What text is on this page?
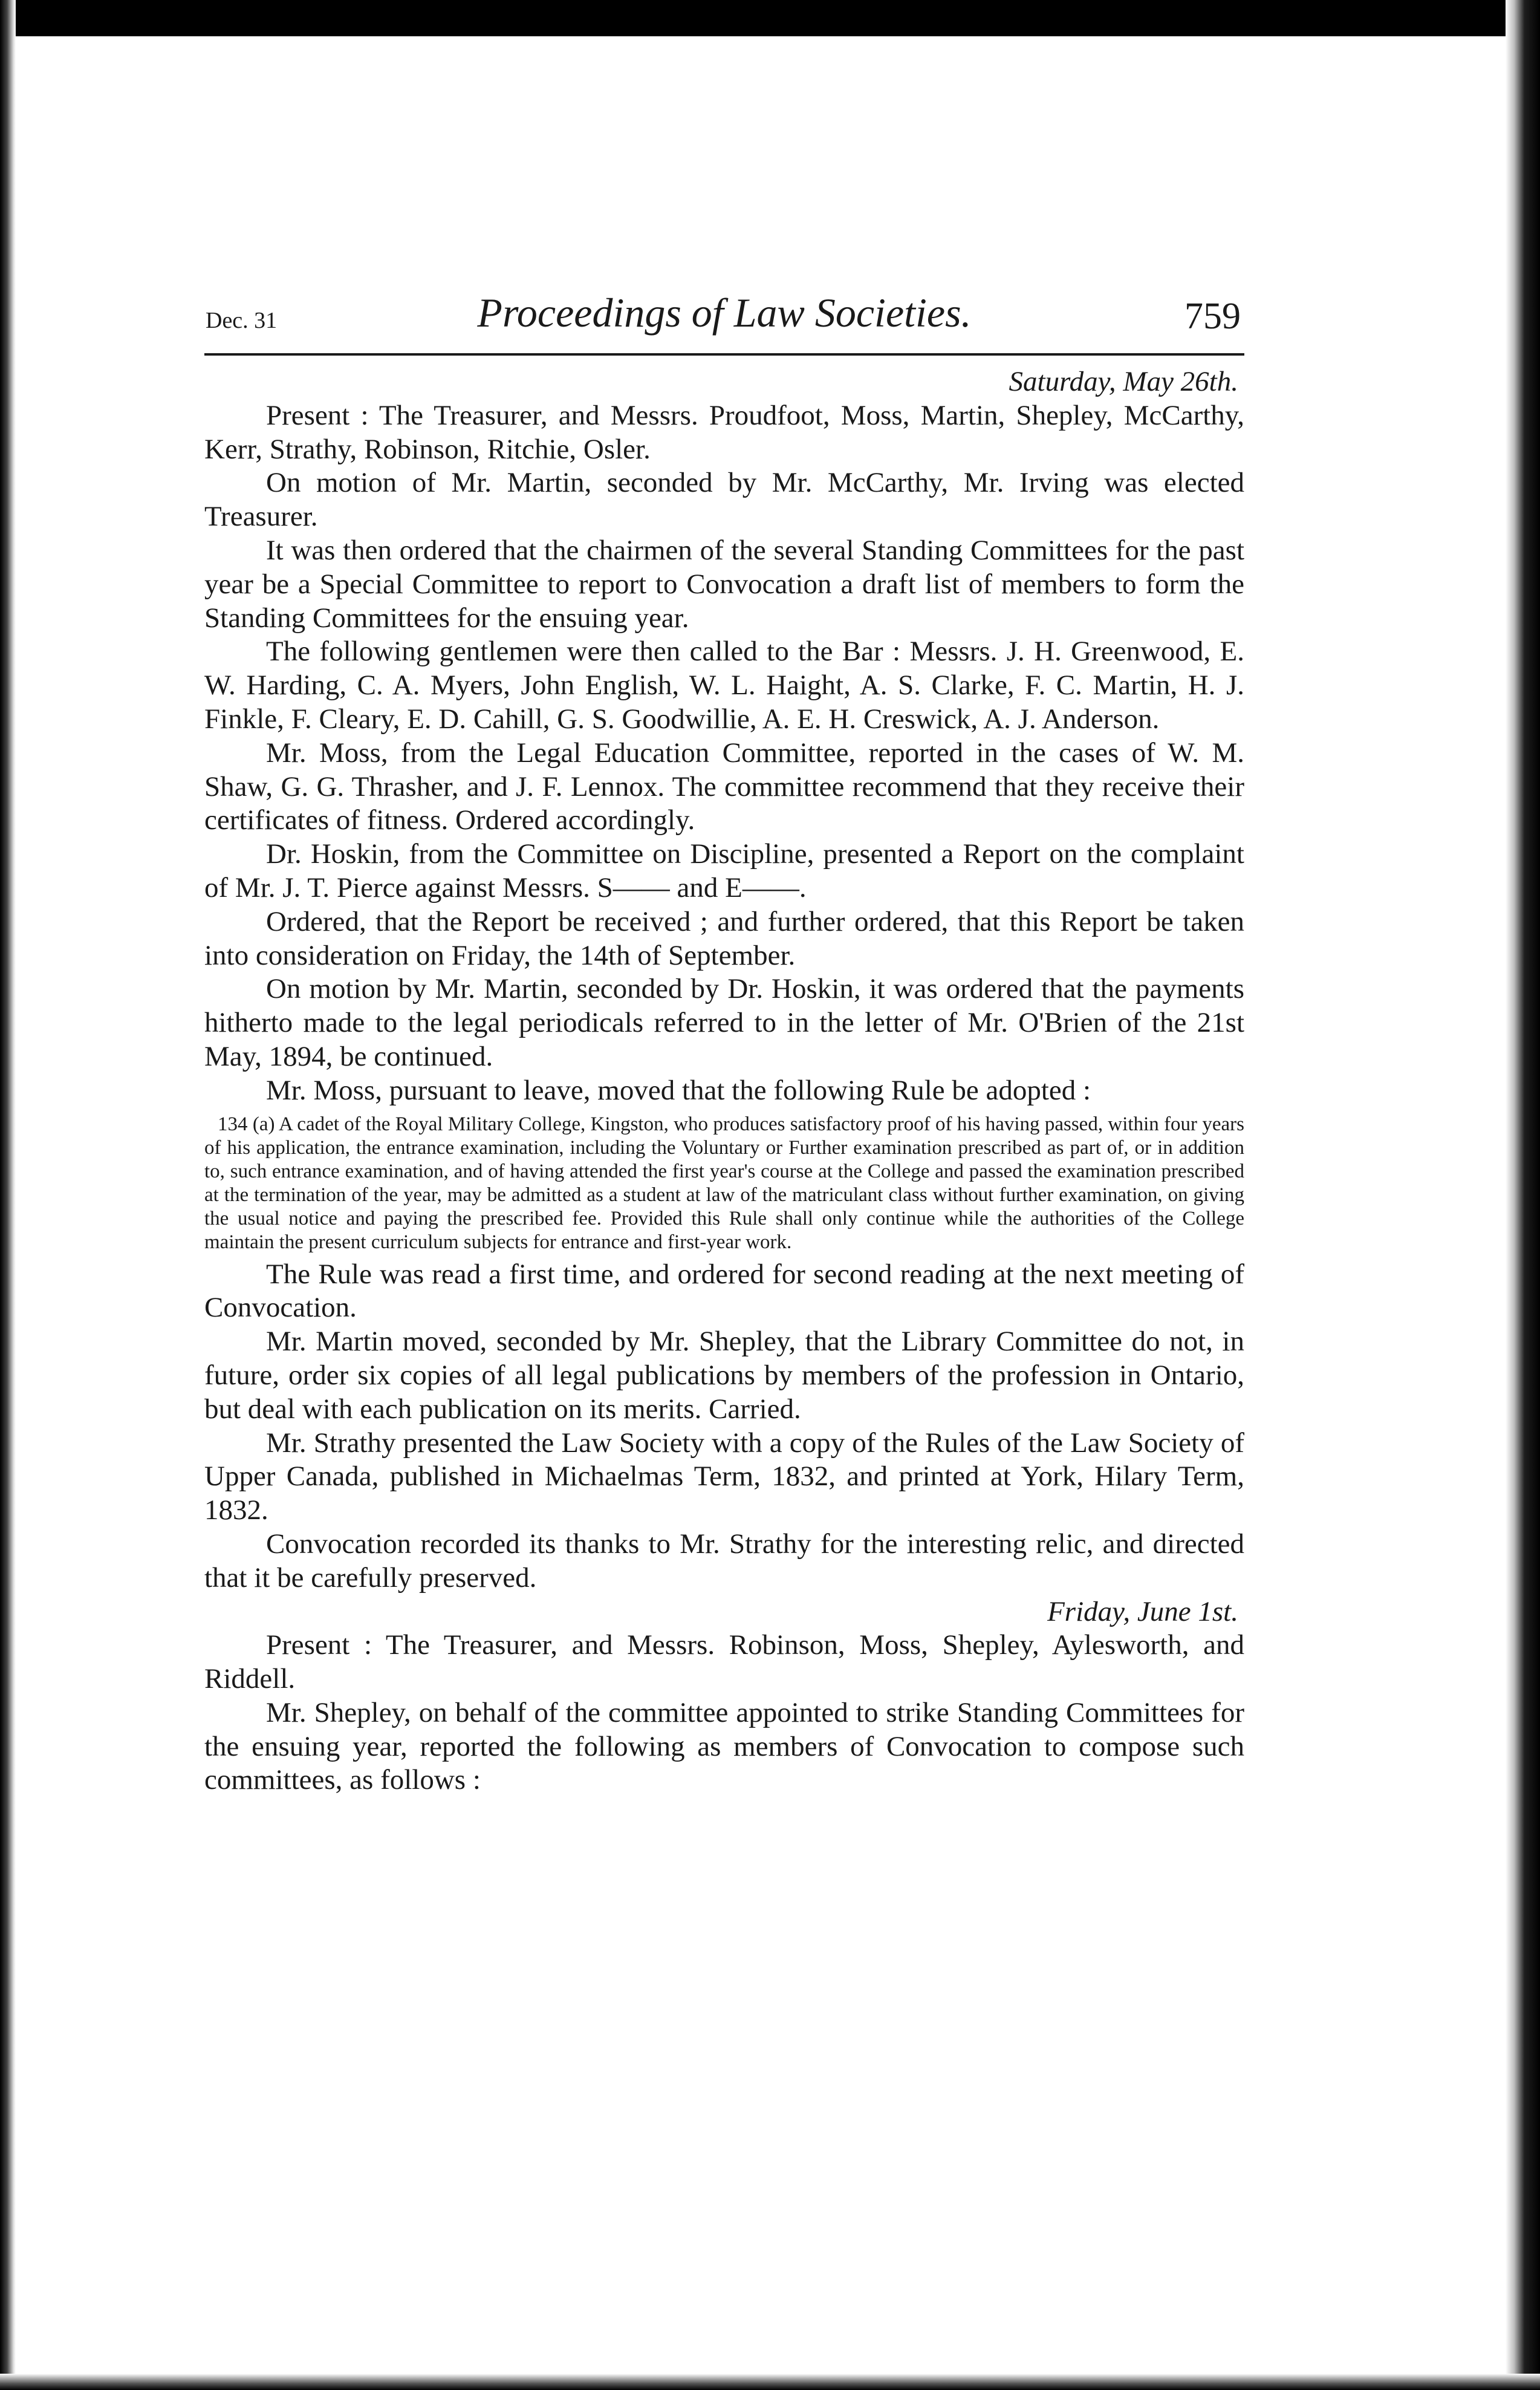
Dec. 31	Proceedings of Law Societies.	759

Saturday, May 26th.

Present : The Treasurer, and Messrs. Proudfoot, Moss, Martin, Shepley, McCarthy, Kerr, Strathy, Robinson, Ritchie, Osler.

On motion of Mr. Martin, seconded by Mr. McCarthy, Mr. Irving was elected Treasurer.

It was then ordered that the chairmen of the several Standing Committees for the past year be a Special Committee to report to Convocation a draft list of members to form the Standing Committees for the ensuing year.

The following gentlemen were then called to the Bar : Messrs. J. H. Greenwood, E. W. Harding, C. A. Myers, John English, W. L. Haight, A. S. Clarke, F. C. Martin, H. J. Finkle, F. Cleary, E. D. Cahill, G. S. Goodwillie, A. E. H. Creswick, A. J. Anderson.

Mr. Moss, from the Legal Education Committee, reported in the cases of W. M. Shaw, G. G. Thrasher, and J. F. Lennox. The committee recommend that they receive their certificates of fitness. Ordered accordingly.

Dr. Hoskin, from the Committee on Discipline, presented a Report on the complaint of Mr. J. T. Pierce against Messrs. S—— and E——.

Ordered, that the Report be received ; and further ordered, that this Report be taken into consideration on Friday, the 14th of September.

On motion by Mr. Martin, seconded by Dr. Hoskin, it was ordered that the payments hitherto made to the legal periodicals referred to in the letter of Mr. O'Brien of the 21st May, 1894, be continued.

Mr. Moss, pursuant to leave, moved that the following Rule be adopted :

134 (a) A cadet of the Royal Military College, Kingston, who produces satisfactory proof of his having passed, within four years of his application, the entrance examination, including the Voluntary or Further examination prescribed as part of, or in addition to, such entrance examination, and of having attended the first year's course at the College and passed the examination prescribed at the termination of the year, may be admitted as a student at law of the matriculant class without further examination, on giving the usual notice and paying the prescribed fee. Provided this Rule shall only continue while the authorities of the College maintain the present curriculum subjects for entrance and first-year work.

The Rule was read a first time, and ordered for second reading at the next meeting of Convocation.

Mr. Martin moved, seconded by Mr. Shepley, that the Library Committee do not, in future, order six copies of all legal publications by members of the profession in Ontario, but deal with each publication on its merits. Carried.

Mr. Strathy presented the Law Society with a copy of the Rules of the Law Society of Upper Canada, published in Michaelmas Term, 1832, and printed at York, Hilary Term, 1832.

Convocation recorded its thanks to Mr. Strathy for the interesting relic, and directed that it be carefully preserved.

Friday, June 1st.

Present : The Treasurer, and Messrs. Robinson, Moss, Shepley, Aylesworth, and Riddell.

Mr. Shepley, on behalf of the committee appointed to strike Standing Committees for the ensuing year, reported the following as members of Convocation to compose such committees, as follows :
